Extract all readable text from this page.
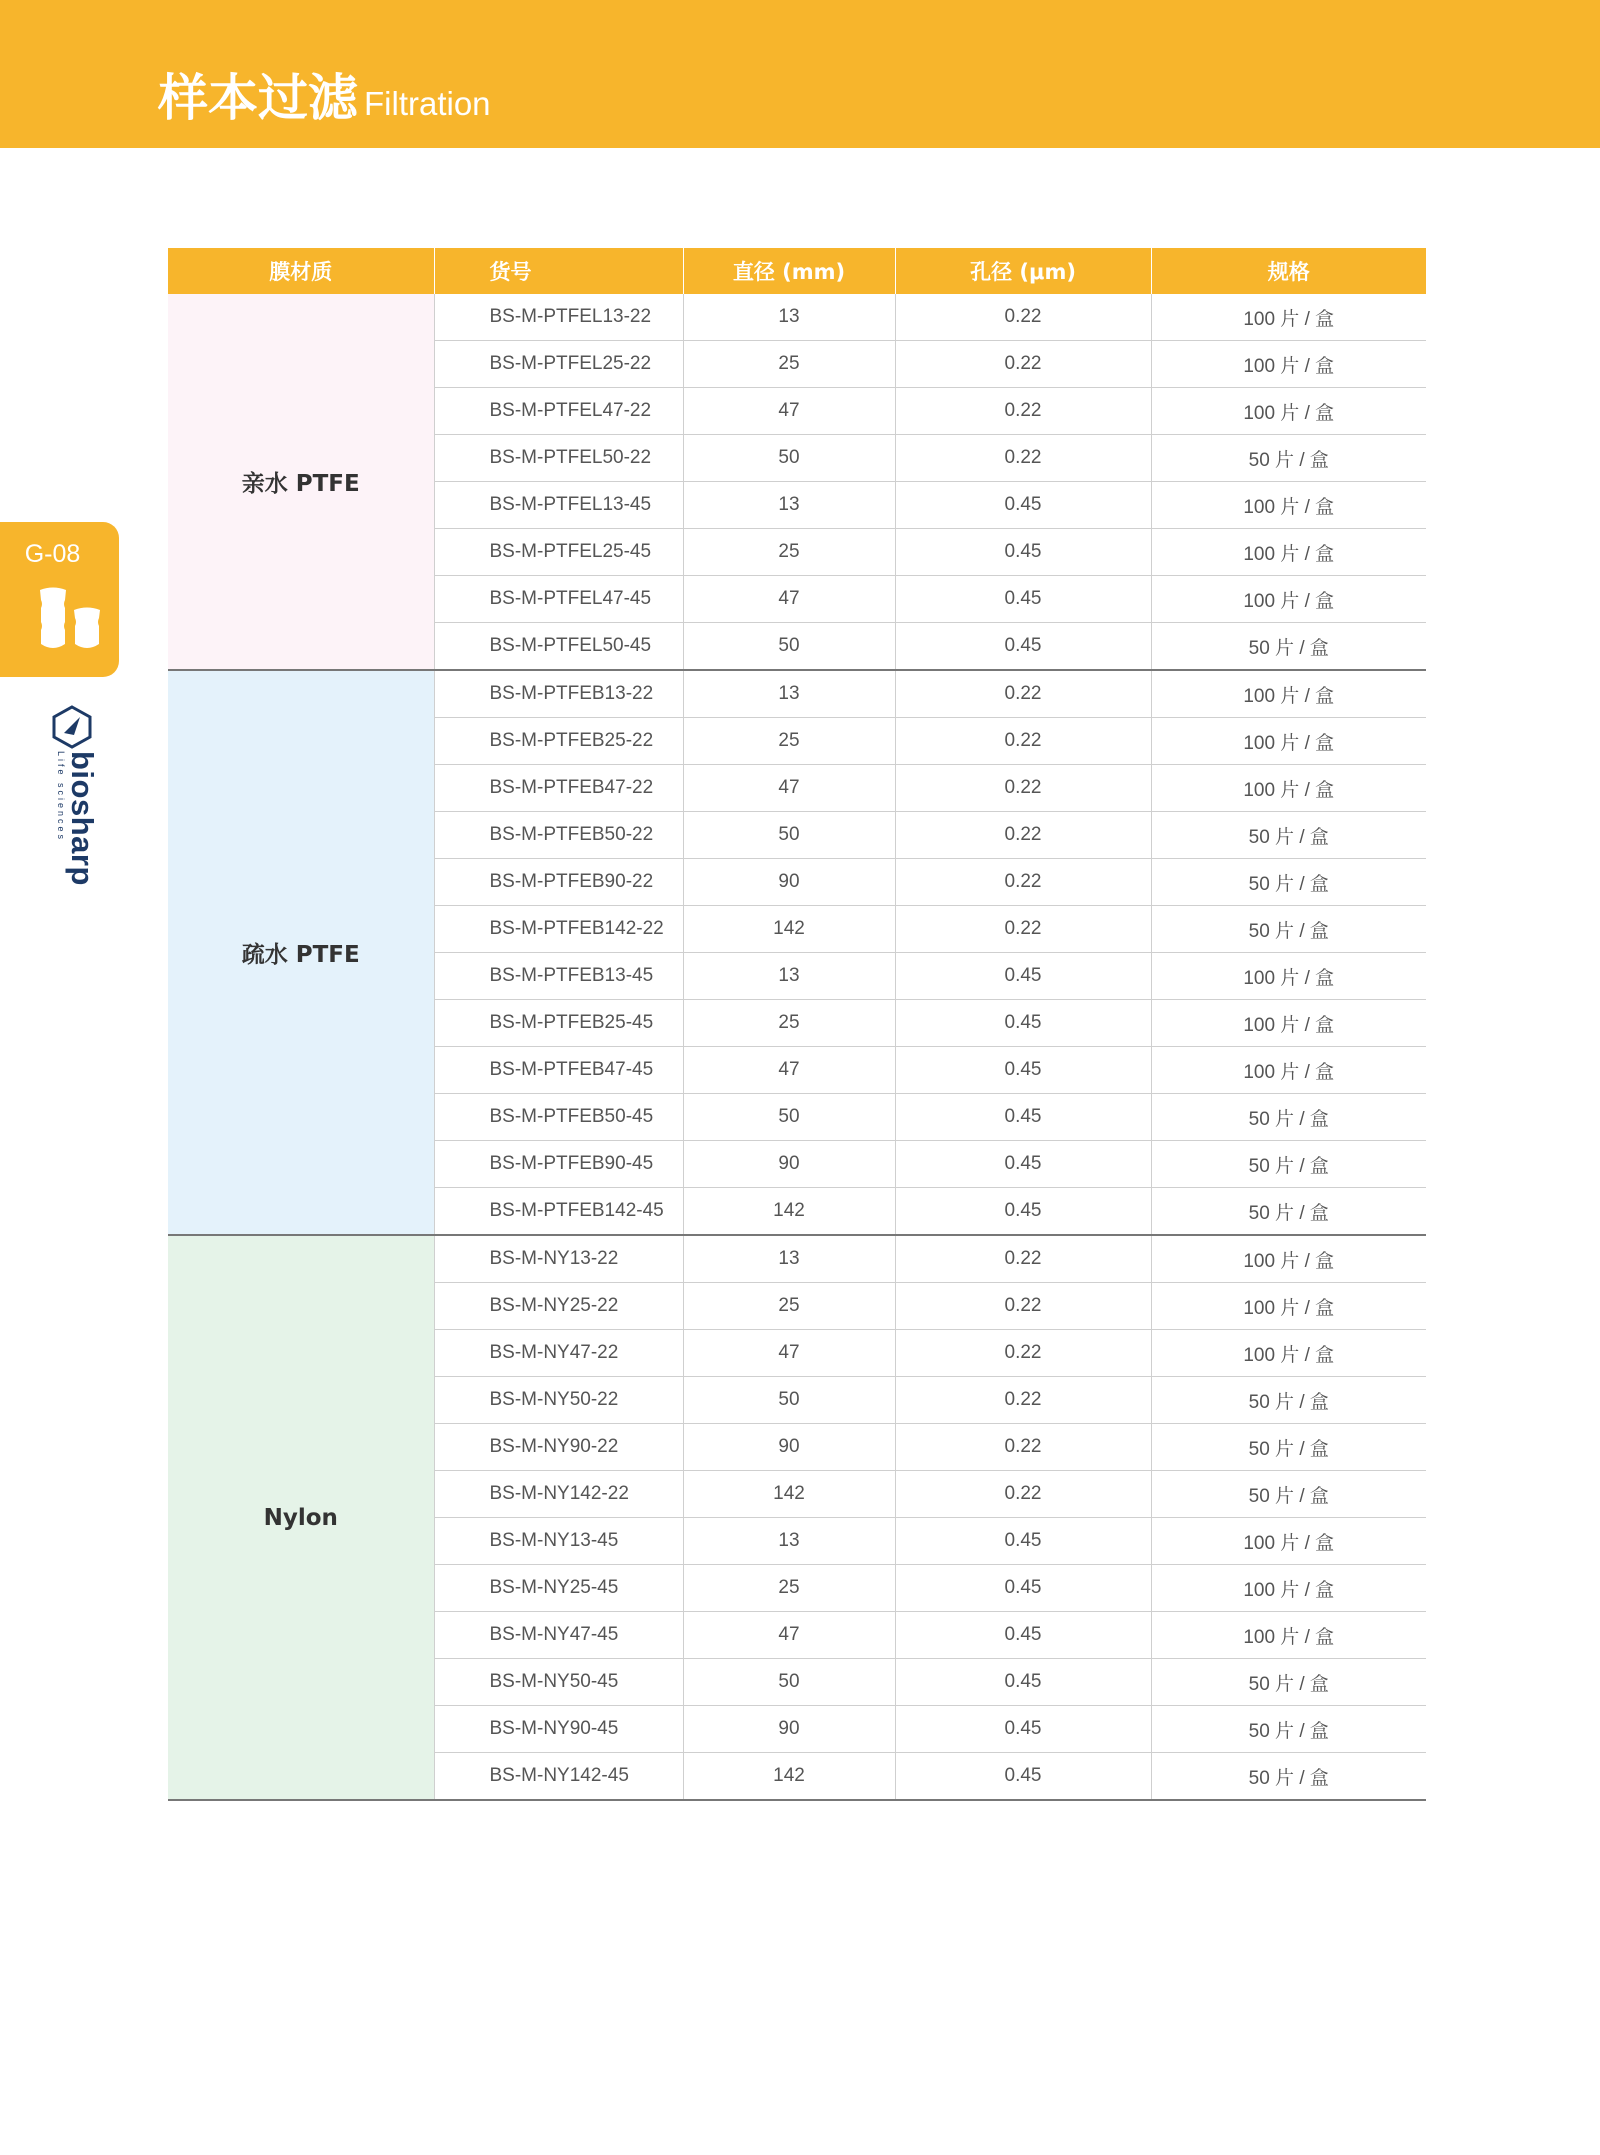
样本过滤 Filtration
G-08
biosharp
Life sciences
膜材质	货号	直径 (mm)	孔径 (μm)	规格
亲水 PTFE	BS-M-PTFEL13-22	13	0.22	100 片 / 盒
	BS-M-PTFEL25-22	25	0.22	100 片 / 盒
	BS-M-PTFEL47-22	47	0.22	100 片 / 盒
	BS-M-PTFEL50-22	50	0.22	50 片 / 盒
	BS-M-PTFEL13-45	13	0.45	100 片 / 盒
	BS-M-PTFEL25-45	25	0.45	100 片 / 盒
	BS-M-PTFEL47-45	47	0.45	100 片 / 盒
	BS-M-PTFEL50-45	50	0.45	50 片 / 盒
疏水 PTFE	BS-M-PTFEB13-22	13	0.22	100 片 / 盒
	BS-M-PTFEB25-22	25	0.22	100 片 / 盒
	BS-M-PTFEB47-22	47	0.22	100 片 / 盒
	BS-M-PTFEB50-22	50	0.22	50 片 / 盒
	BS-M-PTFEB90-22	90	0.22	50 片 / 盒
	BS-M-PTFEB142-22	142	0.22	50 片 / 盒
	BS-M-PTFEB13-45	13	0.45	100 片 / 盒
	BS-M-PTFEB25-45	25	0.45	100 片 / 盒
	BS-M-PTFEB47-45	47	0.45	100 片 / 盒
	BS-M-PTFEB50-45	50	0.45	50 片 / 盒
	BS-M-PTFEB90-45	90	0.45	50 片 / 盒
	BS-M-PTFEB142-45	142	0.45	50 片 / 盒
Nylon	BS-M-NY13-22	13	0.22	100 片 / 盒
	BS-M-NY25-22	25	0.22	100 片 / 盒
	BS-M-NY47-22	47	0.22	100 片 / 盒
	BS-M-NY50-22	50	0.22	50 片 / 盒
	BS-M-NY90-22	90	0.22	50 片 / 盒
	BS-M-NY142-22	142	0.22	50 片 / 盒
	BS-M-NY13-45	13	0.45	100 片 / 盒
	BS-M-NY25-45	25	0.45	100 片 / 盒
	BS-M-NY47-45	47	0.45	100 片 / 盒
	BS-M-NY50-45	50	0.45	50 片 / 盒
	BS-M-NY90-45	90	0.45	50 片 / 盒
	BS-M-NY142-45	142	0.45	50 片 / 盒
